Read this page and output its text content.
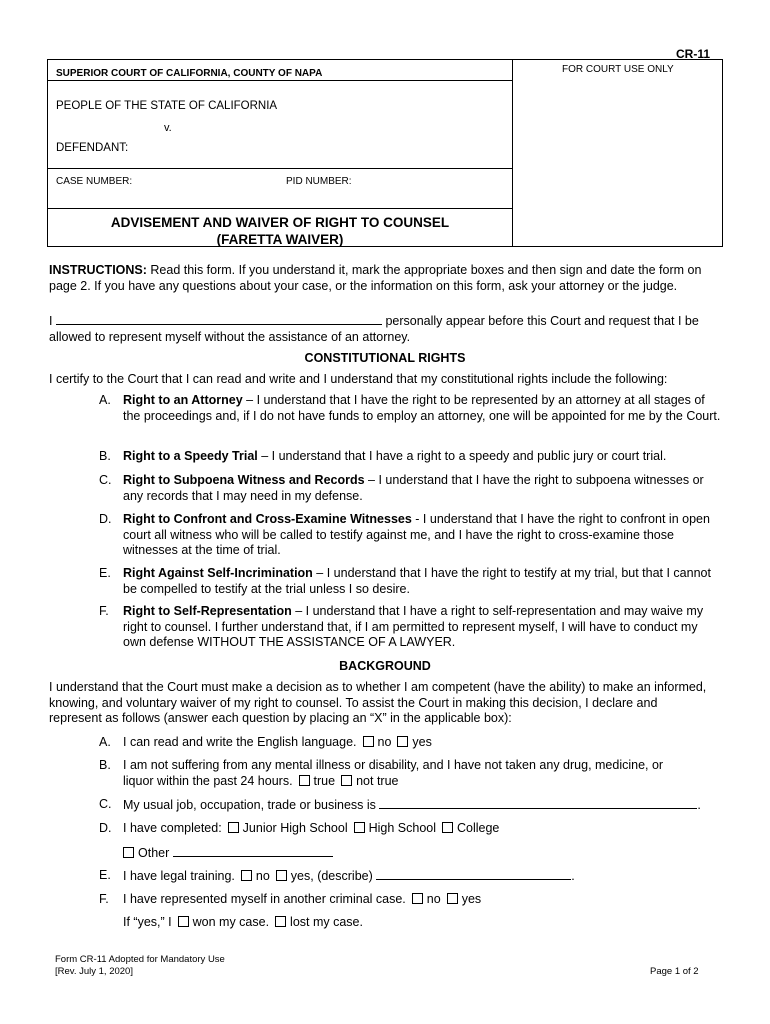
CR-11
SUPERIOR COURT OF CALIFORNIA, COUNTY OF NAPA	FOR COURT USE ONLY
PEOPLE OF THE STATE OF CALIFORNIA
v.
DEFENDANT:
CASE NUMBER:	PID NUMBER:
ADVISEMENT AND WAIVER OF RIGHT TO COUNSEL
(FARETTA WAIVER)
INSTRUCTIONS: Read this form. If you understand it, mark the appropriate boxes and then sign and date the form on page 2. If you have any questions about your case, or the information on this form, ask your attorney or the judge.
I	personally appear before this Court and request that I be
allowed to represent myself without the assistance of an attorney.
CONSTITUTIONAL RIGHTS
I certify to the Court that I can read and write and I understand that my constitutional rights include the following:
A. Right to an Attorney – I understand that I have the right to be represented by an attorney at all stages of the proceedings and, if I do not have funds to employ an attorney, one will be appointed for me by the Court.
B. Right to a Speedy Trial – I understand that I have a right to a speedy and public jury or court trial.
C. Right to Subpoena Witness and Records – I understand that I have the right to subpoena witnesses or any records that I may need in my defense.
D. Right to Confront and Cross-Examine Witnesses - I understand that I have the right to confront in open court all witness who will be called to testify against me, and I have the right to cross-examine those witnesses at the time of trial.
E. Right Against Self-Incrimination – I understand that I have the right to testify at my trial, but that I cannot be compelled to testify at the trial unless I so desire.
F. Right to Self-Representation – I understand that I have a right to self-representation and may waive my right to counsel. I further understand that, if I am permitted to represent myself, I will have to conduct my own defense WITHOUT THE ASSISTANCE OF A LAWYER.
BACKGROUND
I understand that the Court must make a decision as to whether I am competent (have the ability) to make an informed, knowing, and voluntary waiver of my right to counsel. To assist the Court in making this decision, I declare and represent as follows (answer each question by placing an “X” in the applicable box):
A. I can read and write the English language. no yes
B. I am not suffering from any mental illness or disability, and I have not taken any drug, medicine, or
liquor within the past 24 hours. true not true
C. My usual job, occupation, trade or business is	.
D. I have completed: Junior High School High School College
Other
E. I have legal training. no yes, (describe)	.
F. I have represented myself in another criminal case. no yes
If “yes,” I won my case. lost my case.
Form CR-11 Adopted for Mandatory Use
[Rev. July 1, 2020]	Page 1 of 2
